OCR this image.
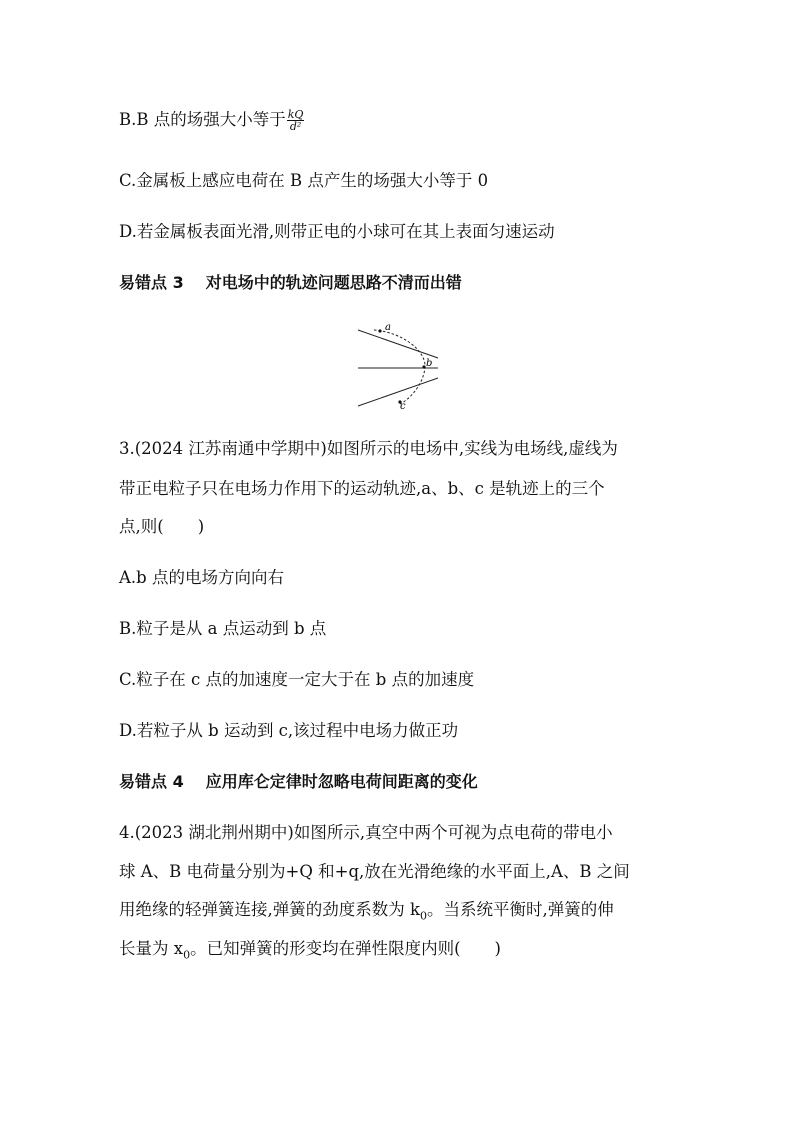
B.B 点的场强大小等于 $\frac{kQ}{\text{d²}}$

C.金属板上感应电荷在 B 点产生的场强大小等于 0

D.若金属板表面光滑,则带正电的小球可在其上表面匀速运动

易错点 3 对电场中的轨迹问题思路不清而出错

a
b
c

3.(2024 江苏南通中学期中)如图所示的电场中,实线为电场线,虚线为

带正电粒子只在电场力作用下的运动轨迹,a、b、c 是轨迹上的三个

点,则( )

A.b 点的电场方向向右

B.粒子是从 a 点运动到 b 点

C.粒子在 c 点的加速度一定大于在 b 点的加速度

D.若粒子从 b 运动到 c,该过程中电场力做正功

易错点 4 应用库仑定律时忽略电荷间距离的变化

4.(2023 湖北荆州期中)如图所示,真空中两个可视为点电荷的带电小

球 A、B 电荷量分别为+Q 和+q,放在光滑绝缘的水平面上,A、B 之间

用绝缘的轻弹簧连接,弹簧的劲度系数为 $k_0$。当系统平衡时,弹簧的伸

长量为 $x_0$。已知弹簧的形变均在弹性限度内则( )
